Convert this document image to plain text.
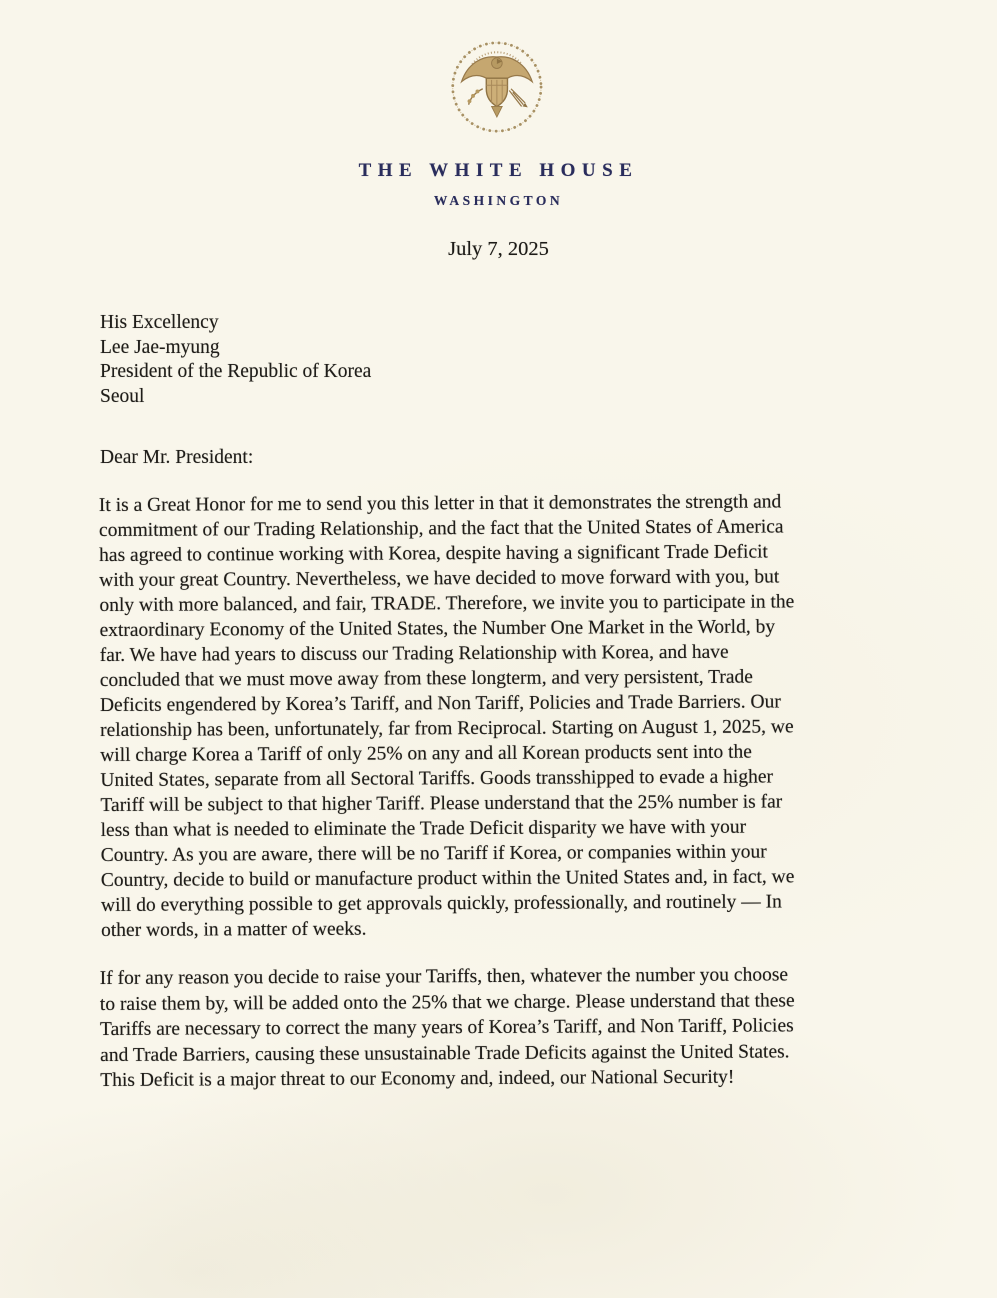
THE WHITE HOUSE
WASHINGTON
July 7, 2025
His Excellency
Lee Jae-myung
President of the Republic of Korea
Seoul
Dear Mr. President:
It is a Great Honor for me to send you this letter in that it demonstrates the strength and
commitment of our Trading Relationship, and the fact that the United States of America
has agreed to continue working with Korea, despite having a significant Trade Deficit
with your great Country. Nevertheless, we have decided to move forward with you, but
only with more balanced, and fair, TRADE. Therefore, we invite you to participate in the
extraordinary Economy of the United States, the Number One Market in the World, by
far. We have had years to discuss our Trading Relationship with Korea, and have
concluded that we must move away from these longterm, and very persistent, Trade
Deficits engendered by Korea’s Tariff, and Non Tariff, Policies and Trade Barriers. Our
relationship has been, unfortunately, far from Reciprocal. Starting on August 1, 2025, we
will charge Korea a Tariff of only 25% on any and all Korean products sent into the
United States, separate from all Sectoral Tariffs. Goods transshipped to evade a higher
Tariff will be subject to that higher Tariff. Please understand that the 25% number is far
less than what is needed to eliminate the Trade Deficit disparity we have with your
Country. As you are aware, there will be no Tariff if Korea, or companies within your
Country, decide to build or manufacture product within the United States and, in fact, we
will do everything possible to get approvals quickly, professionally, and routinely — In
other words, in a matter of weeks.
If for any reason you decide to raise your Tariffs, then, whatever the number you choose
to raise them by, will be added onto the 25% that we charge. Please understand that these
Tariffs are necessary to correct the many years of Korea’s Tariff, and Non Tariff, Policies
and Trade Barriers, causing these unsustainable Trade Deficits against the United States.
This Deficit is a major threat to our Economy and, indeed, our National Security!
